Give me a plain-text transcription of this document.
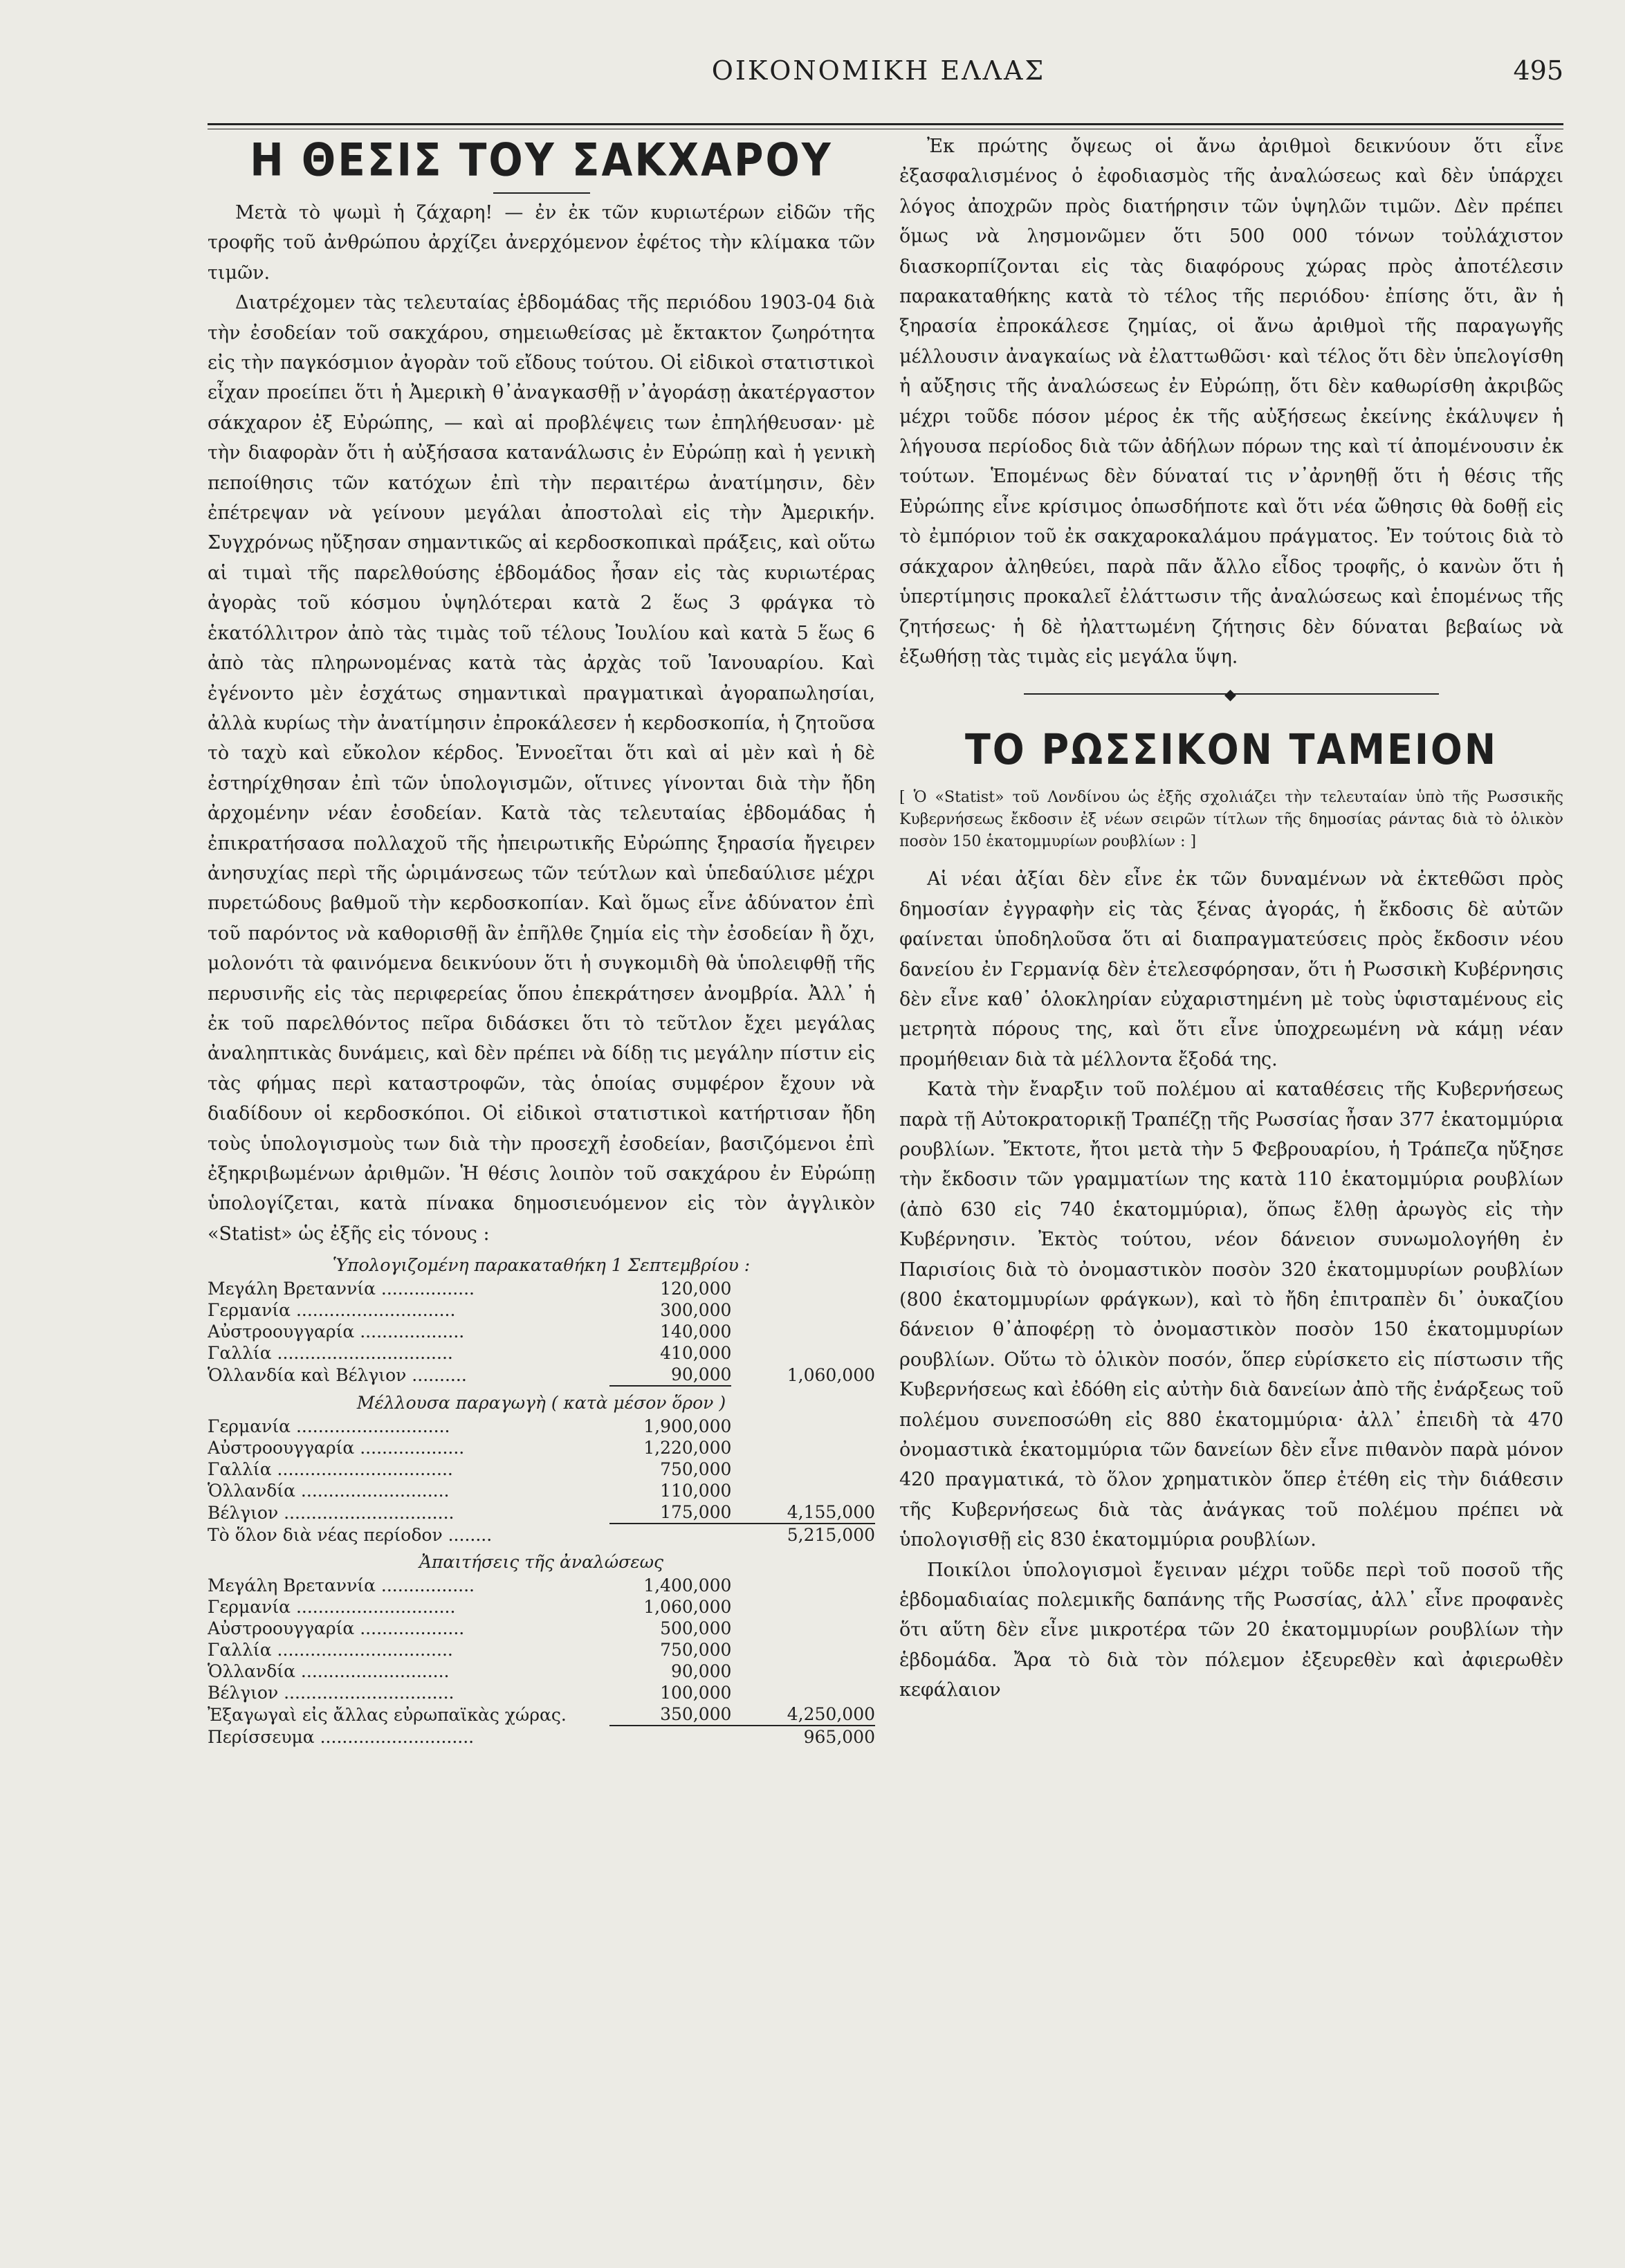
ΟΙΚΟΝΟΜΙΚΗ ΕΛΛΑΣ	495
Η ΘΕΣΙΣ ΤΟΥ ΣΑΚΧΑΡΟΥ

Μετὰ τὸ ψωμὶ ἡ ζάχαρη! — ἐν ἐκ τῶν κυριωτέρων εἰδῶν τῆς τροφῆς τοῦ ἀνθρώπου ἀρχίζει ἀνερχόμενον ἐφέτος τὴν κλίμακα τῶν τιμῶν.

Διατρέχομεν τὰς τελευταίας ἑβδομάδας τῆς περιόδου 1903-04 διὰ τὴν ἐσοδείαν τοῦ σακχάρου, σημειωθείσας μὲ ἔκτακτον ζωηρότητα εἰς τὴν παγκόσμιον ἀγορὰν τοῦ εἴδους τούτου. Οἱ εἰδικοὶ στατιστικοὶ εἶχαν προείπει ὅτι ἡ Ἀμερικὴ θ᾽ἀναγκασθῇ ν᾽ἀγοράσῃ ἀκατέργαστον σάκχαρον ἐξ Εὐρώπης, — καὶ αἱ προβλέψεις των ἐπηλήθευσαν· μὲ τὴν διαφορὰν ὅτι ἡ αὐξήσασα κατανάλωσις ἐν Εὐρώπῃ καὶ ἡ γενικὴ πεποίθησις τῶν κατόχων ἐπὶ τὴν περαιτέρω ἀνατίμησιν, δὲν ἐπέτρεψαν νὰ γείνουν μεγάλαι ἀποστολαὶ εἰς τὴν Ἀμερικήν. Συγχρόνως ηὔξησαν σημαντικῶς αἱ κερδοσκοπικαὶ πράξεις, καὶ οὕτω αἱ τιμαὶ τῆς παρελθούσης ἑβδομάδος ἦσαν εἰς τὰς κυριωτέρας ἀγορὰς τοῦ κόσμου ὑψηλότεραι κατὰ 2 ἕως 3 φράγκα τὸ ἑκατόλλιτρον ἀπὸ τὰς τιμὰς τοῦ τέλους Ἰουλίου καὶ κατὰ 5 ἕως 6 ἀπὸ τὰς πληρωνομένας κατὰ τὰς ἀρχὰς τοῦ Ἰανουαρίου. Καὶ ἐγένοντο μὲν ἐσχάτως σημαντικαὶ πραγματικαὶ ἀγοραπωλησίαι, ἀλλὰ κυρίως τὴν ἀνατίμησιν ἐπροκάλεσεν ἡ κερδοσκοπία, ἡ ζητοῦσα τὸ ταχὺ καὶ εὔκολον κέρδος. Ἐννοεῖται ὅτι καὶ αἱ μὲν καὶ ἡ δὲ ἐστηρίχθησαν ἐπὶ τῶν ὑπολογισμῶν, οἵτινες γίνονται διὰ τὴν ἤδη ἀρχομένην νέαν ἐσοδείαν. Κατὰ τὰς τελευταίας ἑβδομάδας ἡ ἐπικρατήσασα πολλαχοῦ τῆς ἠπειρωτικῆς Εὐρώπης ξηρασία ἤγειρεν ἀνησυχίας περὶ τῆς ὡριμάνσεως τῶν τεύτλων καὶ ὑπεδαύλισε μέχρι πυρετώδους βαθμοῦ τὴν κερδοσκοπίαν. Καὶ ὅμως εἶνε ἀδύνατον ἐπὶ τοῦ παρόντος νὰ καθορισθῇ ἂν ἐπῆλθε ζημία εἰς τὴν ἐσοδείαν ἢ ὄχι, μολονότι τὰ φαινόμενα δεικνύουν ὅτι ἡ συγκομιδὴ θὰ ὑπολειφθῇ τῆς περυσινῆς εἰς τὰς περιφερείας ὅπου ἐπεκράτησεν ἀνομβρία. Ἀλλ᾽ ἡ ἐκ τοῦ παρελθόντος πεῖρα διδάσκει ὅτι τὸ τεῦτλον ἔχει μεγάλας ἀναληπτικὰς δυνάμεις, καὶ δὲν πρέπει νὰ δίδῃ τις μεγάλην πίστιν εἰς τὰς φήμας περὶ καταστροφῶν, τὰς ὁποίας συμφέρον ἔχουν νὰ διαδίδουν οἱ κερδοσκόποι. Οἱ εἰδικοὶ στατιστικοὶ κατήρτισαν ἤδη τοὺς ὑπολογισμοὺς των διὰ τὴν προσεχῆ ἐσοδείαν, βασιζόμενοι ἐπὶ ἐξηκριβωμένων ἀριθμῶν. Ἡ θέσις λοιπὸν τοῦ σακχάρου ἐν Εὐρώπῃ ὑπολογίζεται, κατὰ πίνακα δημοσιευόμενον εἰς τὸν ἀγγλικὸν «Statist» ὡς ἐξῆς εἰς τόνους :

Ὑπολογιζομένη παρακαταθήκη 1 Σεπτεμβρίου :
Μεγάλη Βρεταννία .................	120,000	
Γερμανία .............................	300,000	
Αὐστροουγγαρία ...................	140,000	
Γαλλία ................................	410,000	
Ὁλλανδία καὶ Βέλγιον ..........	90,000	1,060,000
Μέλλουσα παραγωγὴ ( κατὰ μέσον ὅρον )
Γερμανία ............................	1,900,000	
Αὐστροουγγαρία ...................	1,220,000	
Γαλλία ................................	750,000	
Ὁλλανδία ...........................	110,000	
Βέλγιον ...............................	175,000	4,155,000
Τὸ ὅλον διὰ νέας περίοδον ........		5,215,000
Ἀπαιτήσεις τῆς ἀναλώσεως
Μεγάλη Βρεταννία .................	1,400,000	
Γερμανία .............................	1,060,000	
Αὐστροουγγαρία ...................	500,000	
Γαλλία ................................	750,000	
Ὁλλανδία ...........................	90,000	
Βέλγιον ...............................	100,000	
Ἐξαγωγαὶ εἰς ἄλλας εὐρωπαϊκὰς χώρας.	350,000	4,250,000
Περίσσευμα ............................		965,000

Ἐκ πρώτης ὄψεως οἱ ἄνω ἀριθμοὶ δεικνύουν ὅτι εἶνε ἐξασφαλισμένος ὁ ἐφοδιασμὸς τῆς ἀναλώσεως καὶ δὲν ὑπάρχει λόγος ἀποχρῶν πρὸς διατήρησιν τῶν ὑψηλῶν τιμῶν. Δὲν πρέπει ὅμως νὰ λησμονῶμεν ὅτι 500 000 τόνων τοὐλάχιστον διασκορπίζονται εἰς τὰς διαφόρους χώρας πρὸς ἀποτέλεσιν παρακαταθήκης κατὰ τὸ τέλος τῆς περιόδου· ἐπίσης ὅτι, ἂν ἡ ξηρασία ἐπροκάλεσε ζημίας, οἱ ἄνω ἀριθμοὶ τῆς παραγωγῆς μέλλουσιν ἀναγκαίως νὰ ἐλαττωθῶσι· καὶ τέλος ὅτι δὲν ὑπελογίσθη ἡ αὔξησις τῆς ἀναλώσεως ἐν Εὐρώπῃ, ὅτι δὲν καθωρίσθη ἀκριβῶς μέχρι τοῦδε πόσον μέρος ἐκ τῆς αὐξήσεως ἐκείνης ἐκάλυψεν ἡ λήγουσα περίοδος διὰ τῶν ἀδήλων πόρων της καὶ τί ἀπομένουσιν ἐκ τούτων. Ἑπομένως δὲν δύναταί τις ν᾽ἀρνηθῇ ὅτι ἡ θέσις τῆς Εὐρώπης εἶνε κρίσιμος ὁπωσδήποτε καὶ ὅτι νέα ὤθησις θὰ δοθῇ εἰς τὸ ἐμπόριον τοῦ ἐκ σακχαροκαλάμου πράγματος. Ἐν τούτοις διὰ τὸ σάκχαρον ἀληθεύει, παρὰ πᾶν ἄλλο εἶδος τροφῆς, ὁ κανὼν ὅτι ἡ ὑπερτίμησις προκαλεῖ ἐλάττωσιν τῆς ἀναλώσεως καὶ ἑπομένως τῆς ζητήσεως· ἡ δὲ ἠλαττωμένη ζήτησις δὲν δύναται βεβαίως νὰ ἐξωθήσῃ τὰς τιμὰς εἰς μεγάλα ὕψη.

◆
ΤΟ ΡΩΣΣΙΚΟΝ ΤΑΜΕΙΟΝ
[ Ὁ «Statist» τοῦ Λονδίνου ὡς ἐξῆς σχολιάζει τὴν τελευταίαν ὑπὸ τῆς Ρωσσικῆς Κυβερνήσεως ἔκδοσιν ἐξ νέων σειρῶν τίτλων τῆς δημοσίας ράντας διὰ τὸ ὁλικὸν ποσὸν 150 ἑκατομμυρίων ρουβλίων : ]

Αἱ νέαι ἀξίαι δὲν εἶνε ἐκ τῶν δυναμένων νὰ ἐκτεθῶσι πρὸς δημοσίαν ἐγγραφὴν εἰς τὰς ξένας ἀγοράς, ἡ ἔκδοσις δὲ αὐτῶν φαίνεται ὑποδηλοῦσα ὅτι αἱ διαπραγματεύσεις πρὸς ἔκδοσιν νέου δανείου ἐν Γερμανίᾳ δὲν ἐτελεσφόρησαν, ὅτι ἡ Ρωσσικὴ Κυβέρνησις δὲν εἶνε καθ᾽ ὁλοκληρίαν εὐχαριστημένη μὲ τοὺς ὑφισταμένους εἰς μετρητὰ πόρους της, καὶ ὅτι εἶνε ὑποχρεωμένη νὰ κάμῃ νέαν προμήθειαν διὰ τὰ μέλλοντα ἔξοδά της.

Κατὰ τὴν ἔναρξιν τοῦ πολέμου αἱ καταθέσεις τῆς Κυβερνήσεως παρὰ τῇ Αὐτοκρατορικῇ Τραπέζῃ τῆς Ρωσσίας ἦσαν 377 ἑκατομμύρια ρουβλίων. Ἔκτοτε, ἤτοι μετὰ τὴν 5 Φεβρουαρίου, ἡ Τράπεζα ηὔξησε τὴν ἔκδοσιν τῶν γραμματίων της κατὰ 110 ἑκατομμύρια ρουβλίων (ἀπὸ 630 εἰς 740 ἑκατομμύρια), ὅπως ἔλθῃ ἀρωγὸς εἰς τὴν Κυβέρνησιν. Ἐκτὸς τούτου, νέον δάνειον συνωμολογήθη ἐν Παρισίοις διὰ τὸ ὀνομαστικὸν ποσὸν 320 ἑκατομμυρίων ρουβλίων (800 ἑκατομμυρίων φράγκων), καὶ τὸ ἤδη ἐπιτραπὲν δι᾽ ὀυκαζίου δάνειον θ᾽ἀποφέρῃ τὸ ὀνομαστικὸν ποσὸν 150 ἑκατομμυρίων ρουβλίων. Οὕτω τὸ ὁλικὸν ποσόν, ὅπερ εὑρίσκετο εἰς πίστωσιν τῆς Κυβερνήσεως καὶ ἐδόθη εἰς αὐτὴν διὰ δανείων ἀπὸ τῆς ἐνάρξεως τοῦ πολέμου συνεποσώθη εἰς 880 ἑκατομμύρια· ἀλλ᾽ ἐπειδὴ τὰ 470 ὀνομαστικὰ ἑκατομμύρια τῶν δανείων δὲν εἶνε πιθανὸν παρὰ μόνον 420 πραγματικά, τὸ ὅλον χρηματικὸν ὅπερ ἐτέθη εἰς τὴν διάθεσιν τῆς Κυβερνήσεως διὰ τὰς ἀνάγκας τοῦ πολέμου πρέπει νὰ ὑπολογισθῇ εἰς 830 ἑκατομμύρια ρουβλίων.

Ποικίλοι ὑπολογισμοὶ ἔγειναν μέχρι τοῦδε περὶ τοῦ ποσοῦ τῆς ἑβδομαδιαίας πολεμικῆς δαπάνης τῆς Ρωσσίας, ἀλλ᾽ εἶνε προφανὲς ὅτι αὕτη δὲν εἶνε μικροτέρα τῶν 20 ἑκατομμυρίων ρουβλίων τὴν ἑβδομάδα. Ἄρα τὸ διὰ τὸν πόλεμον ἐξευρεθὲν καὶ ἀφιερωθὲν κεφάλαιον
